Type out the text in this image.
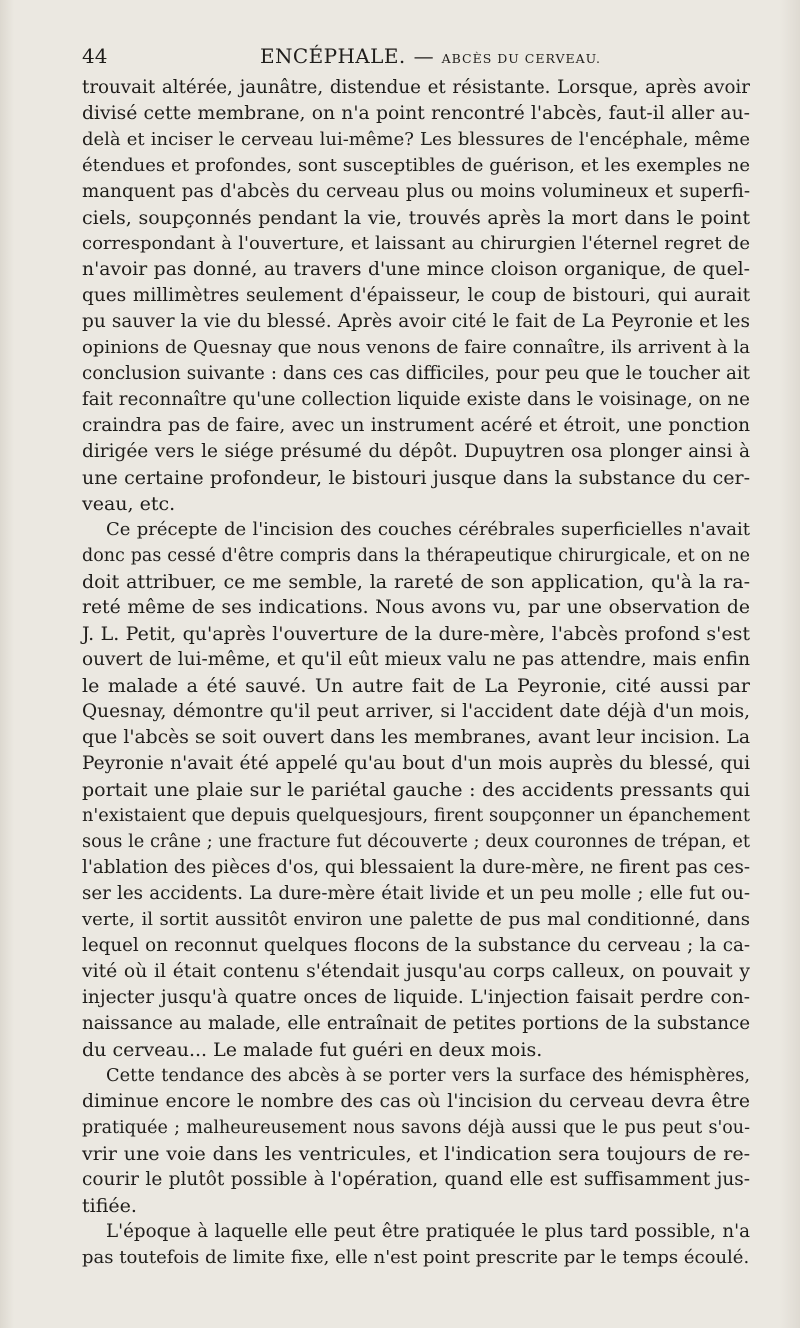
44	ENCÉPHALE. — ABCÈS DU CERVEAU.
trouvait altérée, jaunâtre, distendue et résistante. Lorsque, après avoir
divisé cette membrane, on n'a point rencontré l'abcès, faut-il aller au-
delà et inciser le cerveau lui-même? Les blessures de l'encéphale, même
étendues et profondes, sont susceptibles de guérison, et les exemples ne
manquent pas d'abcès du cerveau plus ou moins volumineux et superfi-
ciels, soupçonnés pendant la vie, trouvés après la mort dans le point
correspondant à l'ouverture, et laissant au chirurgien l'éternel regret de
n'avoir pas donné, au travers d'une mince cloison organique, de quel-
ques millimètres seulement d'épaisseur, le coup de bistouri, qui aurait
pu sauver la vie du blessé. Après avoir cité le fait de La Peyronie et les
opinions de Quesnay que nous venons de faire connaître, ils arrivent à la
conclusion suivante : dans ces cas difficiles, pour peu que le toucher ait
fait reconnaître qu'une collection liquide existe dans le voisinage, on ne
craindra pas de faire, avec un instrument acéré et étroit, une ponction
dirigée vers le siége présumé du dépôt. Dupuytren osa plonger ainsi à
une certaine profondeur, le bistouri jusque dans la substance du cer-
veau, etc.
Ce précepte de l'incision des couches cérébrales superficielles n'avait
donc pas cessé d'être compris dans la thérapeutique chirurgicale, et on ne
doit attribuer, ce me semble, la rareté de son application, qu'à la ra-
reté même de ses indications. Nous avons vu, par une observation de
J. L. Petit, qu'après l'ouverture de la dure-mère, l'abcès profond s'est
ouvert de lui-même, et qu'il eût mieux valu ne pas attendre, mais enfin
le malade a été sauvé. Un autre fait de La Peyronie, cité aussi par
Quesnay, démontre qu'il peut arriver, si l'accident date déjà d'un mois,
que l'abcès se soit ouvert dans les membranes, avant leur incision. La
Peyronie n'avait été appelé qu'au bout d'un mois auprès du blessé, qui
portait une plaie sur le pariétal gauche : des accidents pressants qui
n'existaient que depuis quelquesjours, firent soupçonner un épanchement
sous le crâne ; une fracture fut découverte ; deux couronnes de trépan, et
l'ablation des pièces d'os, qui blessaient la dure-mère, ne firent pas ces-
ser les accidents. La dure-mère était livide et un peu molle ; elle fut ou-
verte, il sortit aussitôt environ une palette de pus mal conditionné, dans
lequel on reconnut quelques flocons de la substance du cerveau ; la ca-
vité où il était contenu s'étendait jusqu'au corps calleux, on pouvait y
injecter jusqu'à quatre onces de liquide. L'injection faisait perdre con-
naissance au malade, elle entraînait de petites portions de la substance
du cerveau... Le malade fut guéri en deux mois.
Cette tendance des abcès à se porter vers la surface des hémisphères,
diminue encore le nombre des cas où l'incision du cerveau devra être
pratiquée ; malheureusement nous savons déjà aussi que le pus peut s'ou-
vrir une voie dans les ventricules, et l'indication sera toujours de re-
courir le plutôt possible à l'opération, quand elle est suffisamment jus-
tifiée.
L'époque à laquelle elle peut être pratiquée le plus tard possible, n'a
pas toutefois de limite fixe, elle n'est point prescrite par le temps écoulé.
